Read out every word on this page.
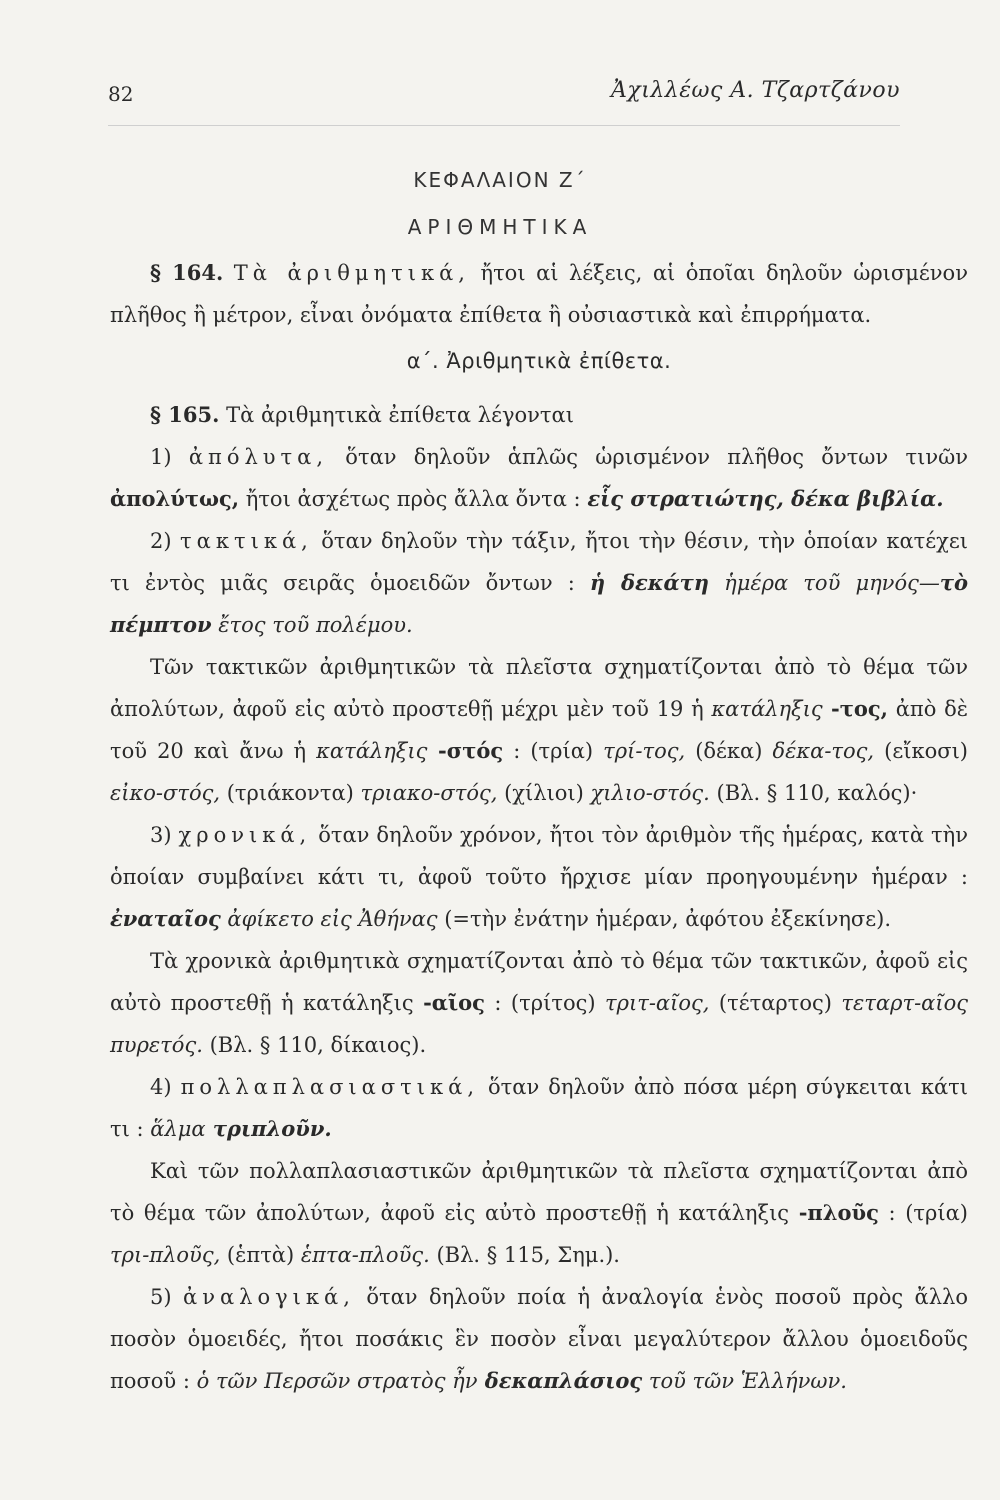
82	Ἀχιλλέως Α. Τζαρτζάνου
ΚΕΦΑΛΑΙΟΝ Ζ΄
ΑΡΙΘΜΗΤΙΚΑ

§ 164. Τὰ ἀριθμητικά, ἤτοι αἱ λέξεις, αἱ ὁποῖαι δηλοῦν ὡρισμένον πλῆθος ἢ μέτρον, εἶναι ὀνόματα ἐπίθετα ἢ οὐσιαστικὰ καὶ ἐπιρρήματα.

α΄. Ἀριθμητικὰ ἐπίθετα.

§ 165. Τὰ ἀριθμητικὰ ἐπίθετα λέγονται

1) ἀπόλυτα, ὅταν δηλοῦν ἁπλῶς ὡρισμένον πλῆθος ὄντων τινῶν ἀπολύτως, ἤτοι ἀσχέτως πρὸς ἄλλα ὄντα : εἷς στρατιώτης, δέκα βιβλία.

2) τακτικά, ὅταν δηλοῦν τὴν τάξιν, ἤτοι τὴν θέσιν, τὴν ὁποίαν κατέχει τι ἐντὸς μιᾶς σειρᾶς ὁμοειδῶν ὄντων : ἡ δεκάτη ἡμέρα τοῦ μηνός—τὸ πέμπτον ἔτος τοῦ πολέμου.

Τῶν τακτικῶν ἀριθμητικῶν τὰ πλεῖστα σχηματίζονται ἀπὸ τὸ θέμα τῶν ἀπολύτων, ἀφοῦ εἰς αὐτὸ προστεθῇ μέχρι μὲν τοῦ 19 ἡ κατάληξις -τος, ἀπὸ δὲ τοῦ 20 καὶ ἄνω ἡ κατάληξις -στός : (τρία) τρί-τος, (δέκα) δέκα-τος, (εἴκοσι) εἰκο-στός, (τριάκοντα) τριακο-στός, (χίλιοι) χιλιο-στός. (Βλ. § 110, καλός)·

3) χρονικά, ὅταν δηλοῦν χρόνον, ἤτοι τὸν ἀριθμὸν τῆς ἡμέρας, κατὰ τὴν ὁποίαν συμβαίνει κάτι τι, ἀφοῦ τοῦτο ἤρχισε μίαν προηγουμένην ἡμέραν : ἐναταῖος ἀφίκετο εἰς Ἀθήνας (=τὴν ἐνάτην ἡμέραν, ἀφότου ἐξεκίνησε).

Τὰ χρονικὰ ἀριθμητικὰ σχηματίζονται ἀπὸ τὸ θέμα τῶν τακτικῶν, ἀφοῦ εἰς αὐτὸ προστεθῇ ἡ κατάληξις -αῖος : (τρίτος) τριτ-αῖος, (τέταρτος) τεταρτ-αῖος πυρετός. (Βλ. § 110, δίκαιος).

4) πολλαπλασιαστικά, ὅταν δηλοῦν ἀπὸ πόσα μέρη σύγκειται κάτι τι : ἅλμα τριπλοῦν.

Καὶ τῶν πολλαπλασιαστικῶν ἀριθμητικῶν τὰ πλεῖστα σχηματίζονται ἀπὸ τὸ θέμα τῶν ἀπολύτων, ἀφοῦ εἰς αὐτὸ προστεθῇ ἡ κατάληξις -πλοῦς : (τρία) τρι-πλοῦς, (ἑπτὰ) ἑπτα-πλοῦς. (Βλ. § 115, Σημ.).

5) ἀναλογικά, ὅταν δηλοῦν ποία ἡ ἀναλογία ἑνὸς ποσοῦ πρὸς ἄλλο ποσὸν ὁμοειδές, ἤτοι ποσάκις ἓν ποσὸν εἶναι μεγαλύτερον ἄλλου ὁμοειδοῦς ποσοῦ : ὁ τῶν Περσῶν στρατὸς ἦν δεκαπλάσιος τοῦ τῶν Ἑλλήνων.
